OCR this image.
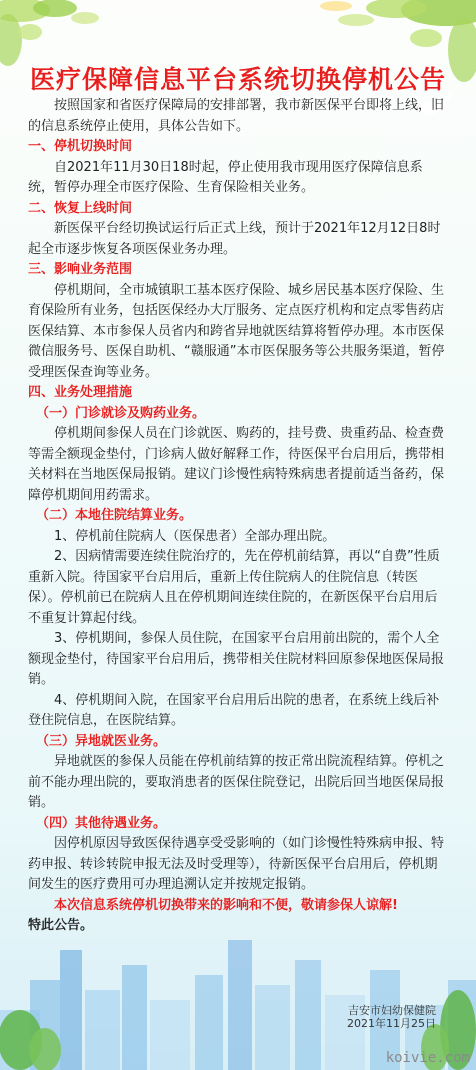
医疗保障信息平台系统切换停机公告

按照国家和省医疗保障局的安排部署，我市新医保平台即将上线，旧的信息系统停止使用，具体公告如下。

一、停机切换时间

自2021年11月30日18时起，停止使用我市现用医疗保障信息系统，暂停办理全市医疗保险、生育保险相关业务。

二、恢复上线时间

新医保平台经切换试运行后正式上线，预计于2021年12月12日8时起全市逐步恢复各项医保业务办理。

三、影响业务范围

停机期间，全市城镇职工基本医疗保险、城乡居民基本医疗保险、生育保险所有业务，包括医保经办大厅服务、定点医疗机构和定点零售药店医保结算、本市参保人员省内和跨省异地就医结算将暂停办理。本市医保微信服务号、医保自助机、“赣服通”本市医保服务等公共服务渠道，暂停受理医保查询等业务。

四、业务处理措施

（一）门诊就诊及购药业务。

停机期间参保人员在门诊就医、购药的，挂号费、贵重药品、检查费等需全额现金垫付，门诊病人做好解释工作，待医保平台启用后，携带相关材料在当地医保局报销。建议门诊慢性病特殊病患者提前适当备药，保障停机期间用药需求。

（二）本地住院结算业务。

1、停机前住院病人（医保患者）全部办理出院。

2、因病情需要连续住院治疗的，先在停机前结算，再以“自费”性质重新入院。待国家平台启用后，重新上传住院病人的住院信息（转医保）。停机前已在院病人且在停机期间连续住院的，在新医保平台启用后不重复计算起付线。

3、停机期间，参保人员住院，在国家平台启用前出院的，需个人全额现金垫付，待国家平台启用后，携带相关住院材料回原参保地医保局报销。

4、停机期间入院，在国家平台启用后出院的患者，在系统上线后补登住院信息，在医院结算。

（三）异地就医业务。

异地就医的参保人员能在停机前结算的按正常出院流程结算。停机之前不能办理出院的，要取消患者的医保住院登记，出院后回当地医保局报销。

（四）其他待遇业务。

因停机原因导致医保待遇享受受影响的（如门诊慢性特殊病申报、特药申报、转诊转院申报无法及时受理等），待新医保平台启用后，停机期间发生的医疗费用可办理追溯认定并按规定报销。

本次信息系统停机切换带来的影响和不便，敬请参保人谅解!

特此公告。

吉安市妇幼保健院
2021年11月25日
koivie.com
